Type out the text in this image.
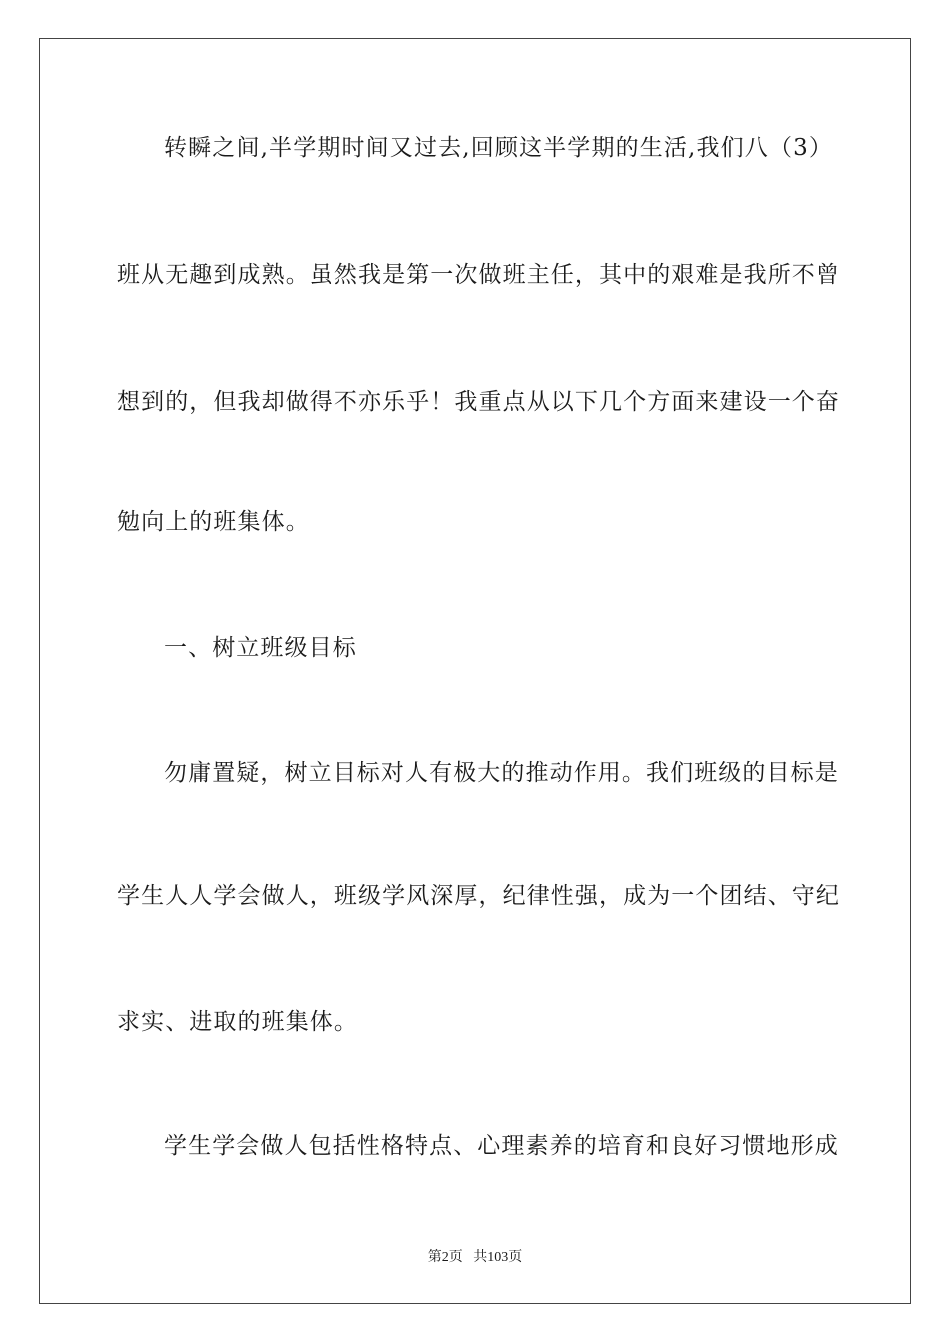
转瞬之间,半学期时间又过去,回顾这半学期的生活,我们八（3）
班从无趣到成熟。虽然我是第一次做班主任，其中的艰难是我所不曾
想到的，但我却做得不亦乐乎！我重点从以下几个方面来建设一个奋
勉向上的班集体。
一、树立班级目标
勿庸置疑，树立目标对人有极大的推动作用。我们班级的目标是
学生人人学会做人，班级学风深厚，纪律性强，成为一个团结、守纪
求实、进取的班集体。
学生学会做人包括性格特点、心理素养的培育和良好习惯地形成
第2页 共103页
